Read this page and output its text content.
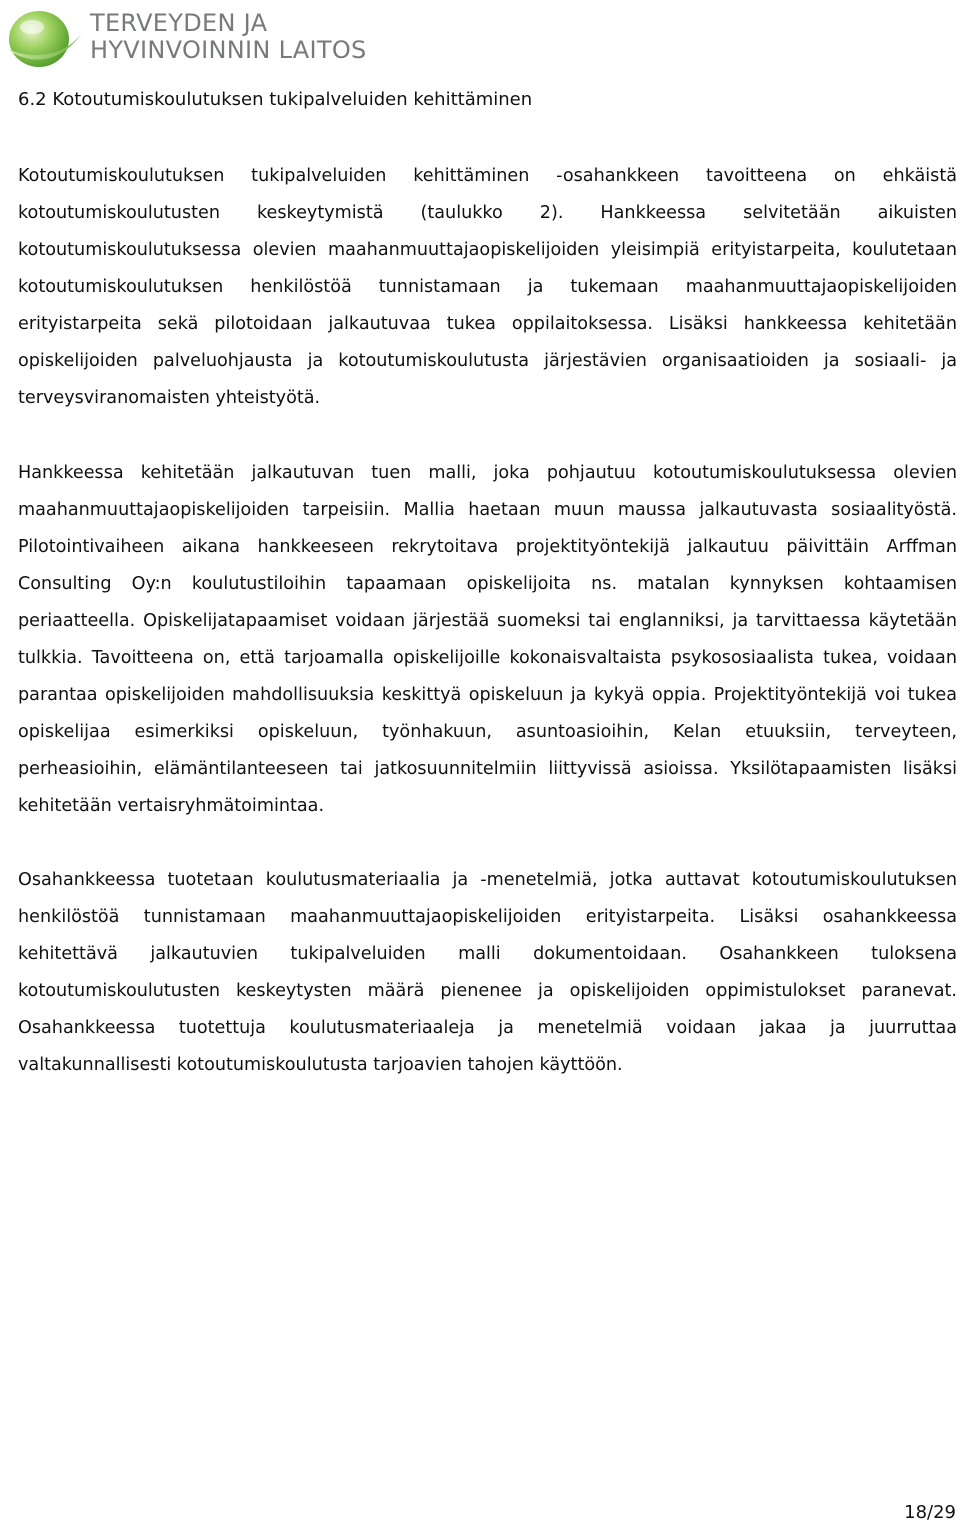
TERVEYDEN JA
HYVINVOINNIN LAITOS
6.2 Kotoutumiskoulutuksen tukipalveluiden kehittäminen

Kotoutumiskoulutuksen tukipalveluiden kehittäminen -osahankkeen tavoitteena on ehkäistä kotoutumiskoulutusten keskeytymistä (taulukko 2). Hankkeessa selvitetään aikuisten kotoutumiskoulutuksessa olevien maahanmuuttajaopiskelijoiden yleisimpiä erityistarpeita, koulutetaan kotoutumiskoulutuksen henkilöstöä tunnistamaan ja tukemaan maahanmuuttajaopiskelijoiden erityistarpeita sekä pilotoidaan jalkautuvaa tukea oppilaitoksessa. Lisäksi hankkeessa kehitetään opiskelijoiden palveluohjausta ja kotoutumiskoulutusta järjestävien organisaatioiden ja sosiaali- ja terveysviranomaisten yhteistyötä.

Hankkeessa kehitetään jalkautuvan tuen malli, joka pohjautuu kotoutumiskoulutuksessa olevien maahanmuuttajaopiskelijoiden tarpeisiin. Mallia haetaan muun maussa jalkautuvasta sosiaalityöstä. Pilotointivaiheen aikana hankkeeseen rekrytoitava projektityöntekijä jalkautuu päivittäin Arffman Consulting Oy:n koulutustiloihin tapaamaan opiskelijoita ns. matalan kynnyksen kohtaamisen periaatteella. Opiskelijatapaamiset voidaan järjestää suomeksi tai englanniksi, ja tarvittaessa käytetään tulkkia. Tavoitteena on, että tarjoamalla opiskelijoille kokonaisvaltaista psykososiaalista tukea, voidaan parantaa opiskelijoiden mahdollisuuksia keskittyä opiskeluun ja kykyä oppia. Projektityöntekijä voi tukea opiskelijaa esimerkiksi opiskeluun, työnhakuun, asuntoasioihin, Kelan etuuksiin, terveyteen, perheasioihin, elämäntilanteeseen tai jatkosuunnitelmiin liittyvissä asioissa. Yksilötapaamisten lisäksi kehitetään vertaisryhmätoimintaa.

Osahankkeessa tuotetaan koulutusmateriaalia ja -menetelmiä, jotka auttavat kotoutumiskoulutuksen henkilöstöä tunnistamaan maahanmuuttajaopiskelijoiden erityistarpeita. Lisäksi osahankkeessa kehitettävä jalkautuvien tukipalveluiden malli dokumentoidaan. Osahankkeen tuloksena kotoutumiskoulutusten keskeytysten määrä pienenee ja opiskelijoiden oppimistulokset paranevat. Osahankkeessa tuotettuja koulutusmateriaaleja ja menetelmiä voidaan jakaa ja juurruttaa valtakunnallisesti kotoutumiskoulutusta tarjoavien tahojen käyttöön.

18/29
